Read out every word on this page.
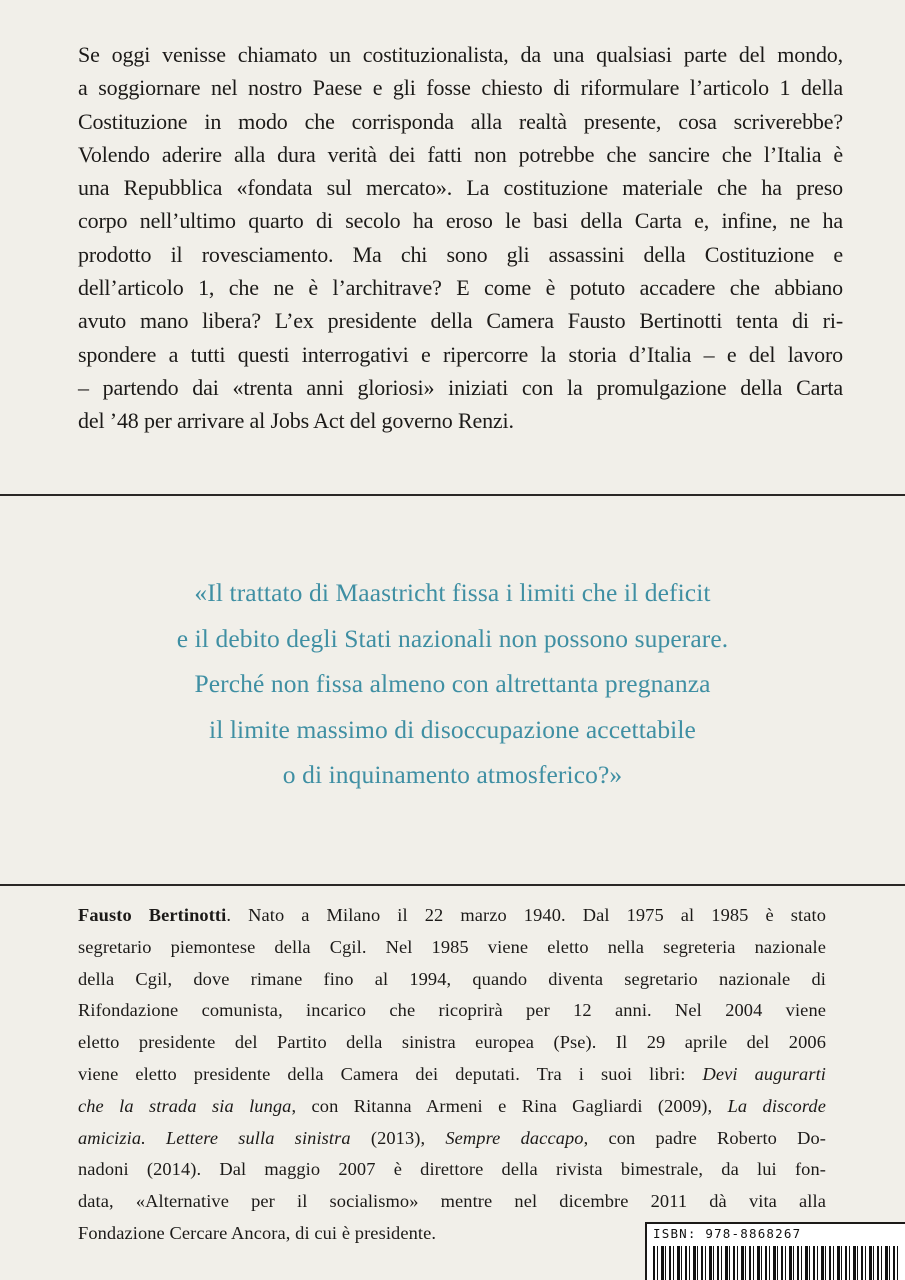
Se oggi venisse chiamato un costituzionalista, da una qualsiasi parte del mondo,
a soggiornare nel nostro Paese e gli fosse chiesto di riformulare l’articolo 1 della
Costituzione in modo che corrisponda alla realtà presente, cosa scriverebbe?
Volendo aderire alla dura verità dei fatti non potrebbe che sancire che l’Italia è
una Repubblica «fondata sul mercato». La costituzione materiale che ha preso
corpo nell’ultimo quarto di secolo ha eroso le basi della Carta e, infine, ne ha
prodotto il rovesciamento. Ma chi sono gli assassini della Costituzione e
dell’articolo 1, che ne è l’architrave? E come è potuto accadere che abbiano
avuto mano libera? L’ex presidente della Camera Fausto Bertinotti tenta di ri-
spondere a tutti questi interrogativi e ripercorre la storia d’Italia – e del lavoro
– partendo dai «trenta anni gloriosi» iniziati con la promulgazione della Carta
del ’48 per arrivare al Jobs Act del governo Renzi.
«Il trattato di Maastricht fissa i limiti che il deficit
e il debito degli Stati nazionali non possono superare.
Perché non fissa almeno con altrettanta pregnanza
il limite massimo di disoccupazione accettabile
o di inquinamento atmosferico?»
Fausto Bertinotti. Nato a Milano il 22 marzo 1940. Dal 1975 al 1985 è stato
segretario piemontese della Cgil. Nel 1985 viene eletto nella segreteria nazionale
della Cgil, dove rimane fino al 1994, quando diventa segretario nazionale di
Rifondazione comunista, incarico che ricoprirà per 12 anni. Nel 2004 viene
eletto presidente del Partito della sinistra europea (Pse). Il 29 aprile del 2006
viene eletto presidente della Camera dei deputati. Tra i suoi libri: Devi augurarti
che la strada sia lunga, con Ritanna Armeni e Rina Gagliardi (2009), La discorde
amicizia. Lettere sulla sinistra (2013), Sempre daccapo, con padre Roberto Do-
nadoni (2014). Dal maggio 2007 è direttore della rivista bimestrale, da lui fon-
data, «Alternative per il socialismo» mentre nel dicembre 2011 dà vita alla
Fondazione Cercare Ancora, di cui è presidente.	ISBN: 978-8868267
